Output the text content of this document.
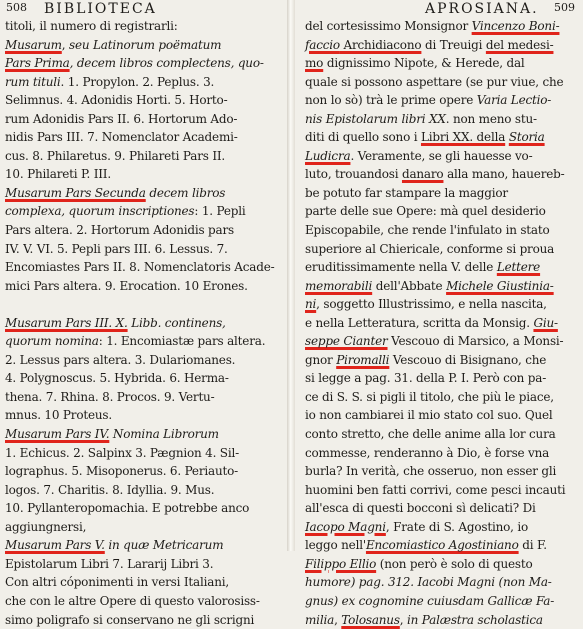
508 BIBLIOTECA
titoli, il numero di registrarli:
Musarum, seu Latinorum poëmatum
Pars Prima, decem libros complectens, quo-
rum tituli. 1. Propylon. 2. Peplus. 3.
Selimnus. 4. Adonidis Horti. 5. Horto-
rum Adonidis Pars II. 6. Hortorum Ado-
nidis Pars III. 7. Nomenclator Academi-
cus. 8. Philaretus. 9. Philareti Pars II.
10. Philareti P. III.
Musarum Pars Secunda decem libros
complexa, quorum inscriptiones: 1. Pepli
Pars altera. 2. Hortorum Adonidis pars
IV. V. VI. 5. Pepli pars III. 6. Lessus. 7.
Encomiastes Pars II. 8. Nomenclatoris Acade-
mici Pars altera. 9. Erocation. 10 Erones.
Musarum Pars III. X. Libb. continens,
quorum nomina: 1. Encomiastæ pars altera.
2. Lessus pars altera. 3. Dulariomanes.
4. Polygnoscus. 5. Hybrida. 6. Herma-
thena. 7. Rhina. 8. Procos. 9. Vertu-
mnus. 10 Proteus.
Musarum Pars IV. Nomina Librorum
1. Echicus. 2. Salpinx 3. Pægnion 4. Sil-
lographus. 5. Misoponerus. 6. Periauto-
logos. 7. Charitis. 8. Idyllia. 9. Mus.
10. Pyllanteropomachia. E potrebbe anco
aggiungnersi,
Musarum Pars V. in quæ Metricarum
Epistolarum Libri 7. Lararij Libri 3.
Con altri cóponimenti in versi Italiani,
che con le altre Opere di questo valorosiss-
simo poligrafo si conservano ne gli scrigni
APROSIANA. 509
del cortesissimo Monsignor Vincenzo Boni-
faccio Archidiacono di Treuigi del medesi-
mo dignissimo Nipote, & Herede, dal
quale si possono aspettare (se pur viue, che
non lo sò) trà le prime opere Varia Lectio-
nis Epistolarum libri XX. non meno stu-
diti di quello sono i Libri XX. della Storia
Ludicra. Veramente, se gli hauesse vo-
luto, trouandosi danaro alla mano, hauereb-
be potuto far stampare la maggior
parte delle sue Opere: mà quel desiderio
Episcopabile, che rende l'infulato in stato
superiore al Chiericale, conforme si proua
eruditissimamente nella V. delle Lettere
memorabili dell'Abbate Michele Giustinia-
ni, soggetto Illustrissimo, e nella nascita,
e nella Letteratura, scritta da Monsig. Giu-
seppe Cianter Vescouo di Marsico, a Monsi-
gnor Piromalli Vescouo di Bisignano, che
si legge a pag. 31. della P. I. Però con pa-
ce di S. S. si pigli il titolo, che più le piace,
io non cambiarei il mio stato col suo. Quel
conto stretto, che delle anime alla lor cura
commesse, renderanno à Dio, è forse vna
burla? In verità, che osseruo, non esser gli
huomini ben fatti corrivi, come pesci incauti
all'esca di questi bocconi sì delicati? Di
Iacopo Magni, Frate di S. Agostino, io
leggo nell'Encomiastico Agostiniano di F.
Filippo Ellio (non però è solo di questo
humore) pag. 312. Iacobi Magni (non Ma-
gnus) ex cognomine cuiusdam Gallicæ Fa-
milia, Tolosanus, in Palæstra scholastica
